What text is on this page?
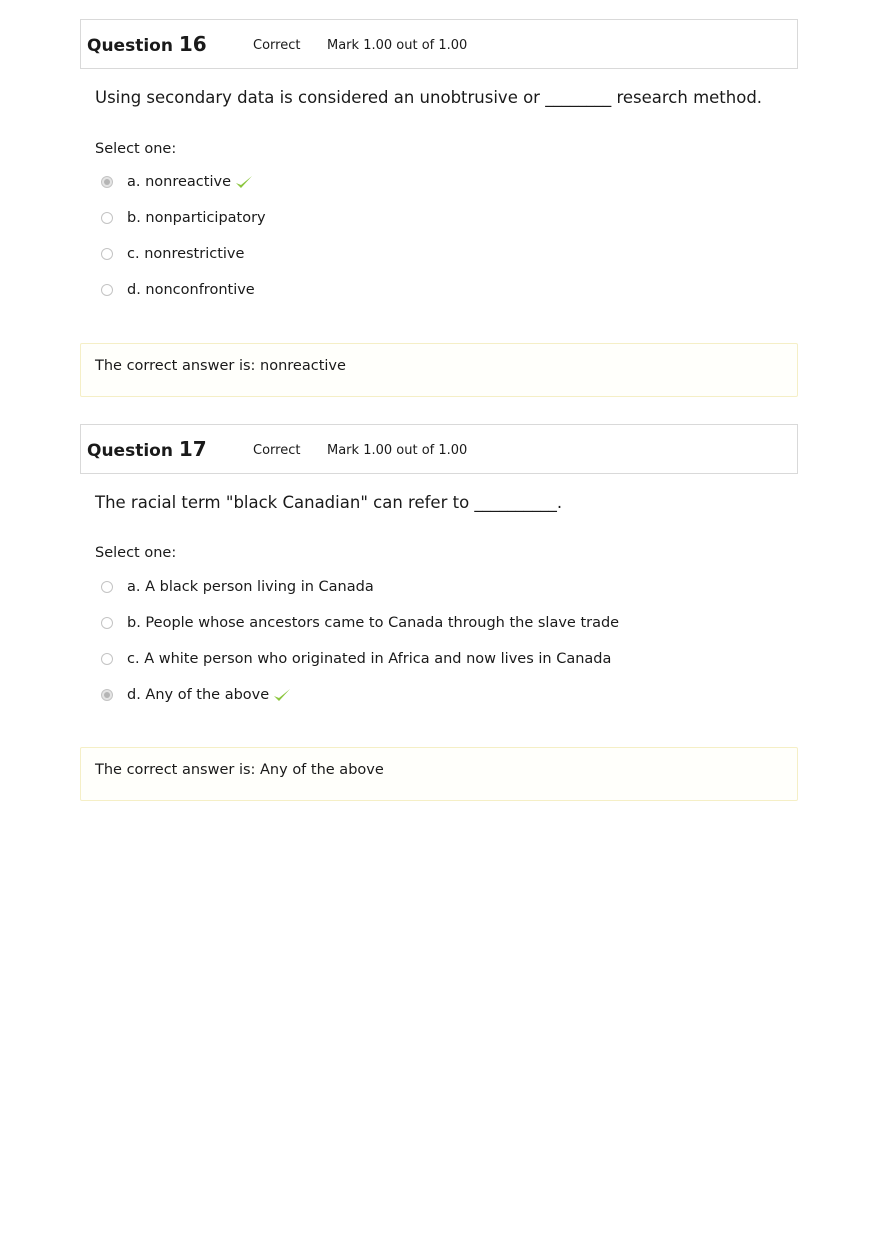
Question 16	Correct Mark 1.00 out of 1.00
Using secondary data is considered an unobtrusive or ________ research method.
Select one:
a. nonreactive
b. nonparticipatory
c. nonrestrictive
d. nonconfrontive
The correct answer is: nonreactive
Question 17	Correct Mark 1.00 out of 1.00
The racial term "black Canadian" can refer to __________.
Select one:
a. A black person living in Canada
b. People whose ancestors came to Canada through the slave trade
c. A white person who originated in Africa and now lives in Canada
d. Any of the above
The correct answer is: Any of the above
